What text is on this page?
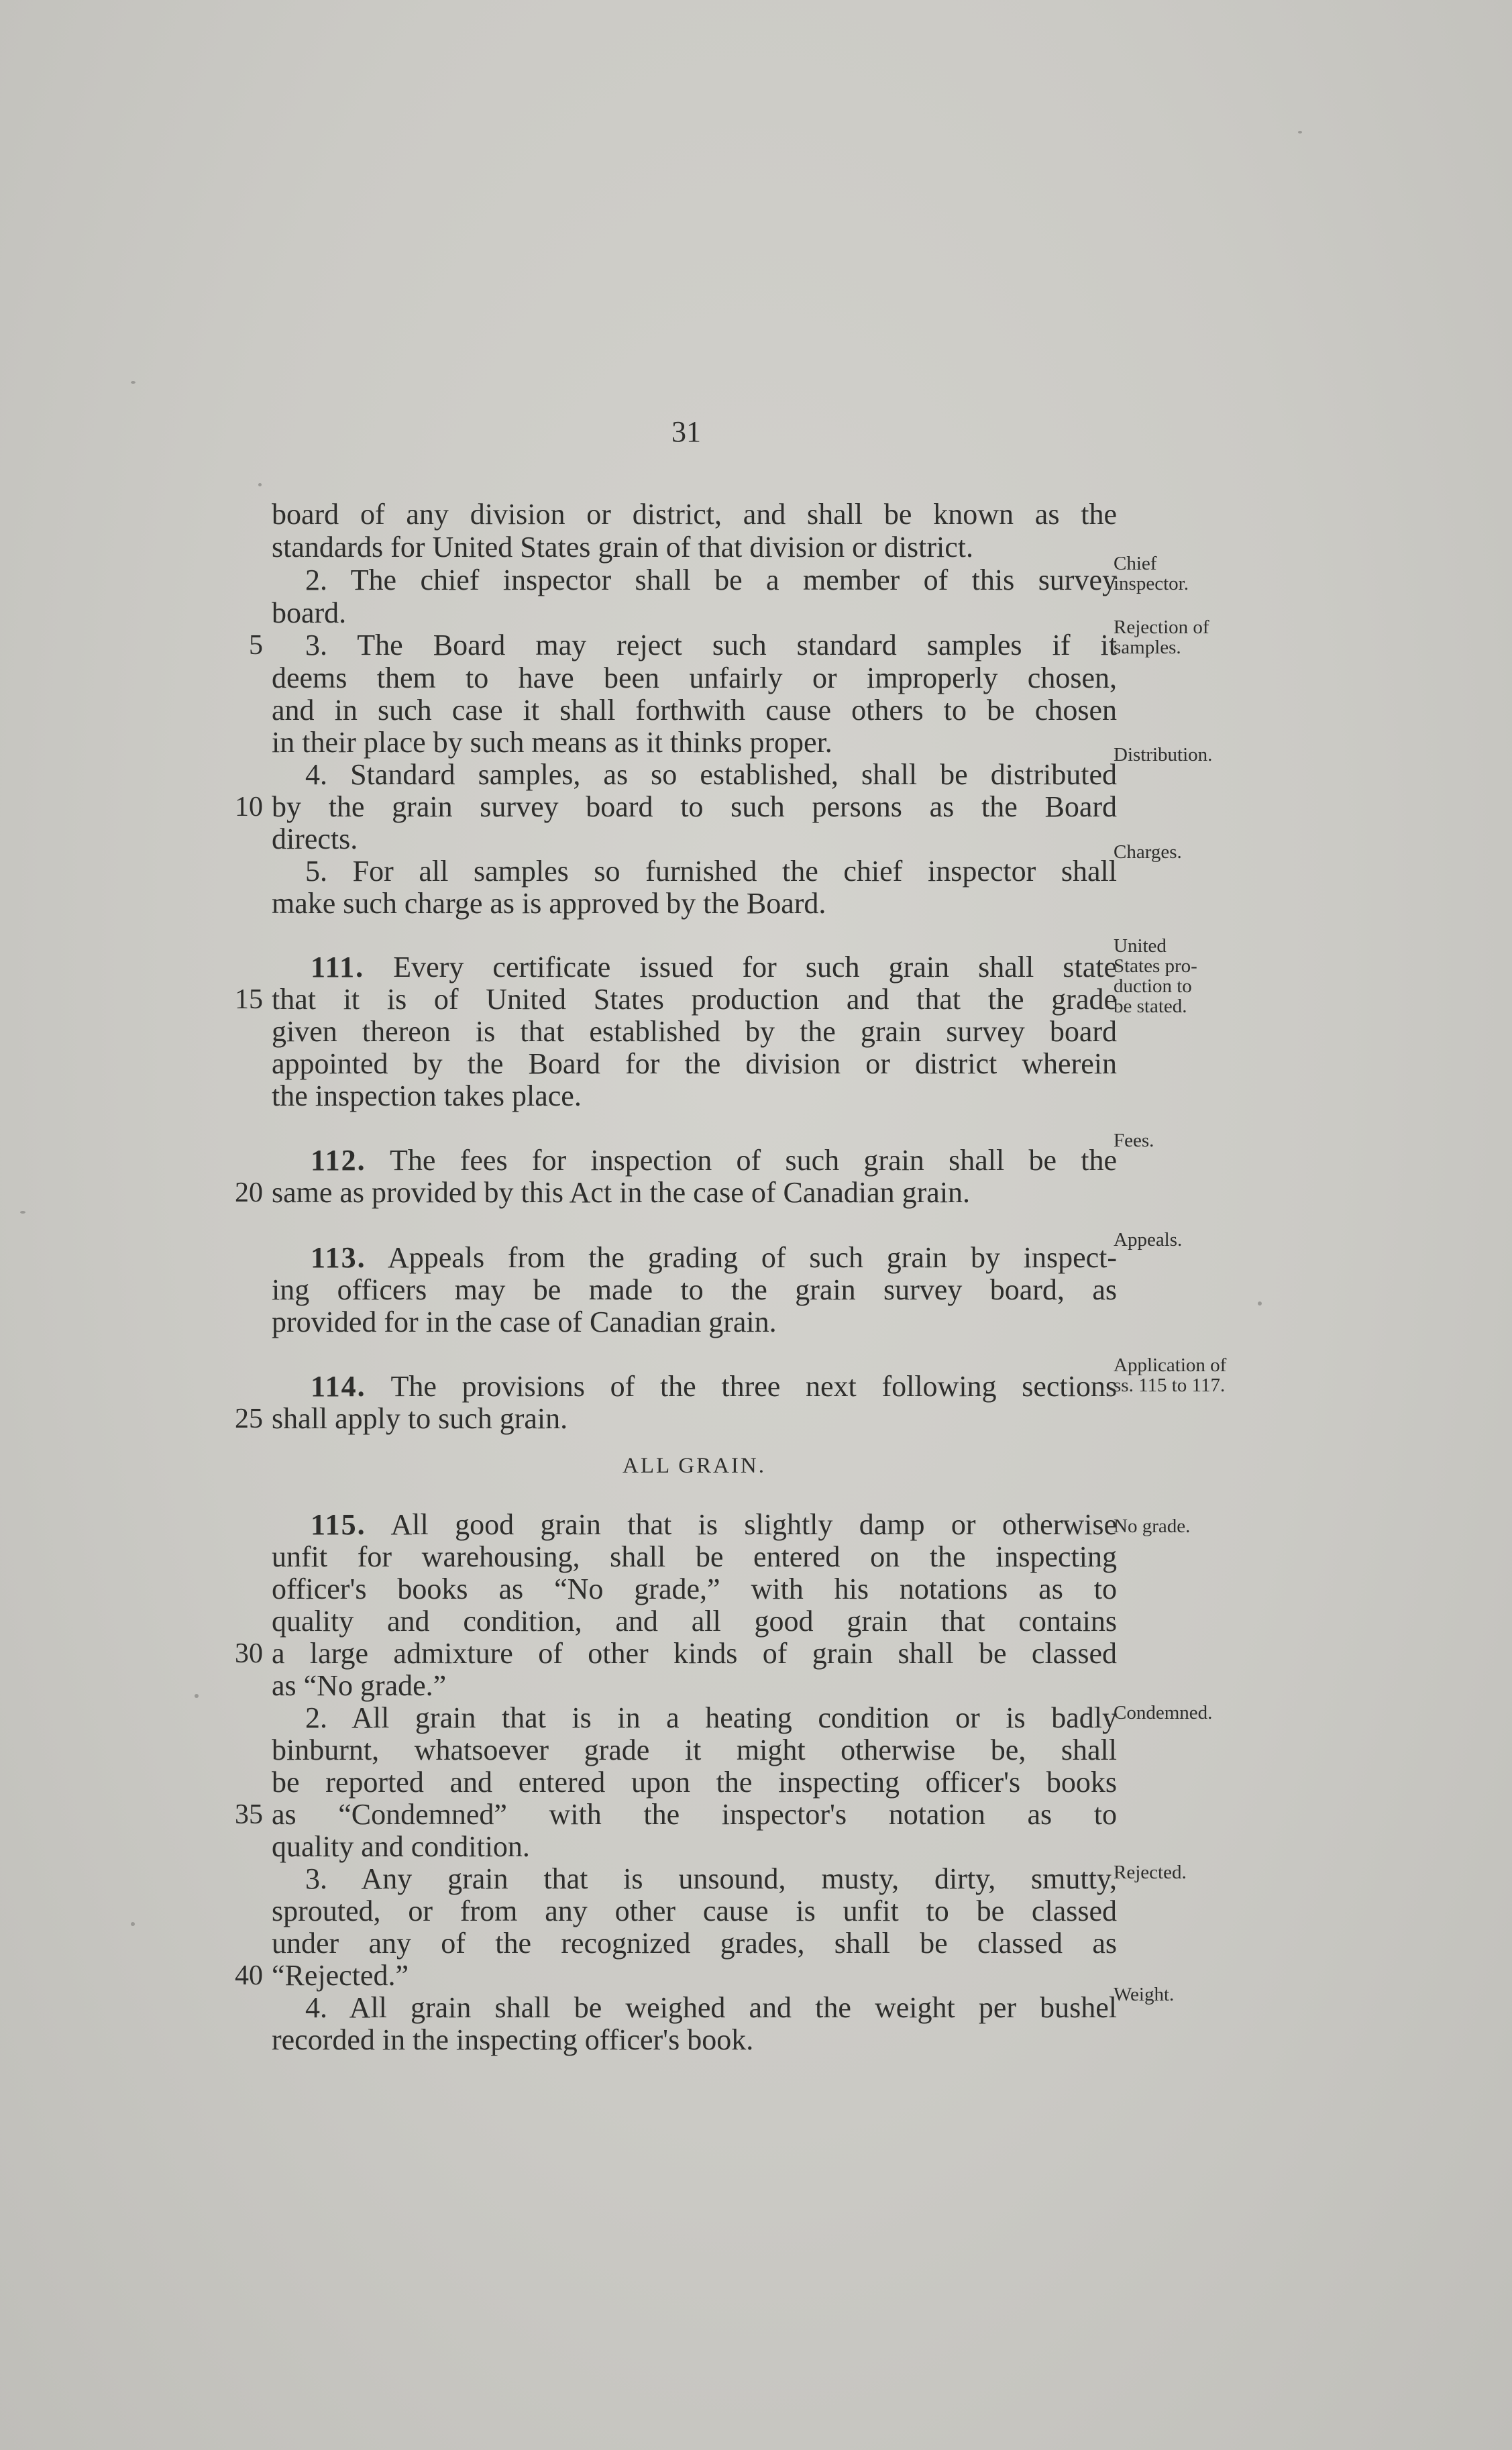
31
board of any division or district, and shall be known as the
standards for United States grain of that division or district.
2. The chief inspector shall be a member of this survey
board.
3. The Board may reject such standard samples if it
deems them to have been unfairly or improperly chosen,
and in such case it shall forthwith cause others to be chosen
in their place by such means as it thinks proper.
4. Standard samples, as so established, shall be distributed
by the grain survey board to such persons as the Board
directs.
5. For all samples so furnished the chief inspector shall
make such charge as is approved by the Board.
111. Every certificate issued for such grain shall state
that it is of United States production and that the grade
given thereon is that established by the grain survey board
appointed by the Board for the division or district wherein
the inspection takes place.
112. The fees for inspection of such grain shall be the
same as provided by this Act in the case of Canadian grain.
113. Appeals from the grading of such grain by inspect-
ing officers may be made to the grain survey board, as
provided for in the case of Canadian grain.
114. The provisions of the three next following sections
shall apply to such grain.
ALL GRAIN.
115. All good grain that is slightly damp or otherwise
unfit for warehousing, shall be entered on the inspecting
officer's books as “No grade,” with his notations as to
quality and condition, and all good grain that contains
a large admixture of other kinds of grain shall be classed
as “No grade.”
2. All grain that is in a heating condition or is badly
binburnt, whatsoever grade it might otherwise be, shall
be reported and entered upon the inspecting officer's books
as “Condemned” with the inspector's notation as to
quality and condition.
3. Any grain that is unsound, musty, dirty, smutty,
sprouted, or from any other cause is unfit to be classed
under any of the recognized grades, shall be classed as
“Rejected.”
4. All grain shall be weighed and the weight per bushel
recorded in the inspecting officer's book.
5
10
15
20
25
30
35
40
Chief
inspector.
Rejection of
samples.
Distribution.
Charges.
United
States pro-
duction to
be stated.
Fees.
Appeals.
Application of
ss. 115 to 117.
No grade.
Condemned.
Rejected.
Weight.
